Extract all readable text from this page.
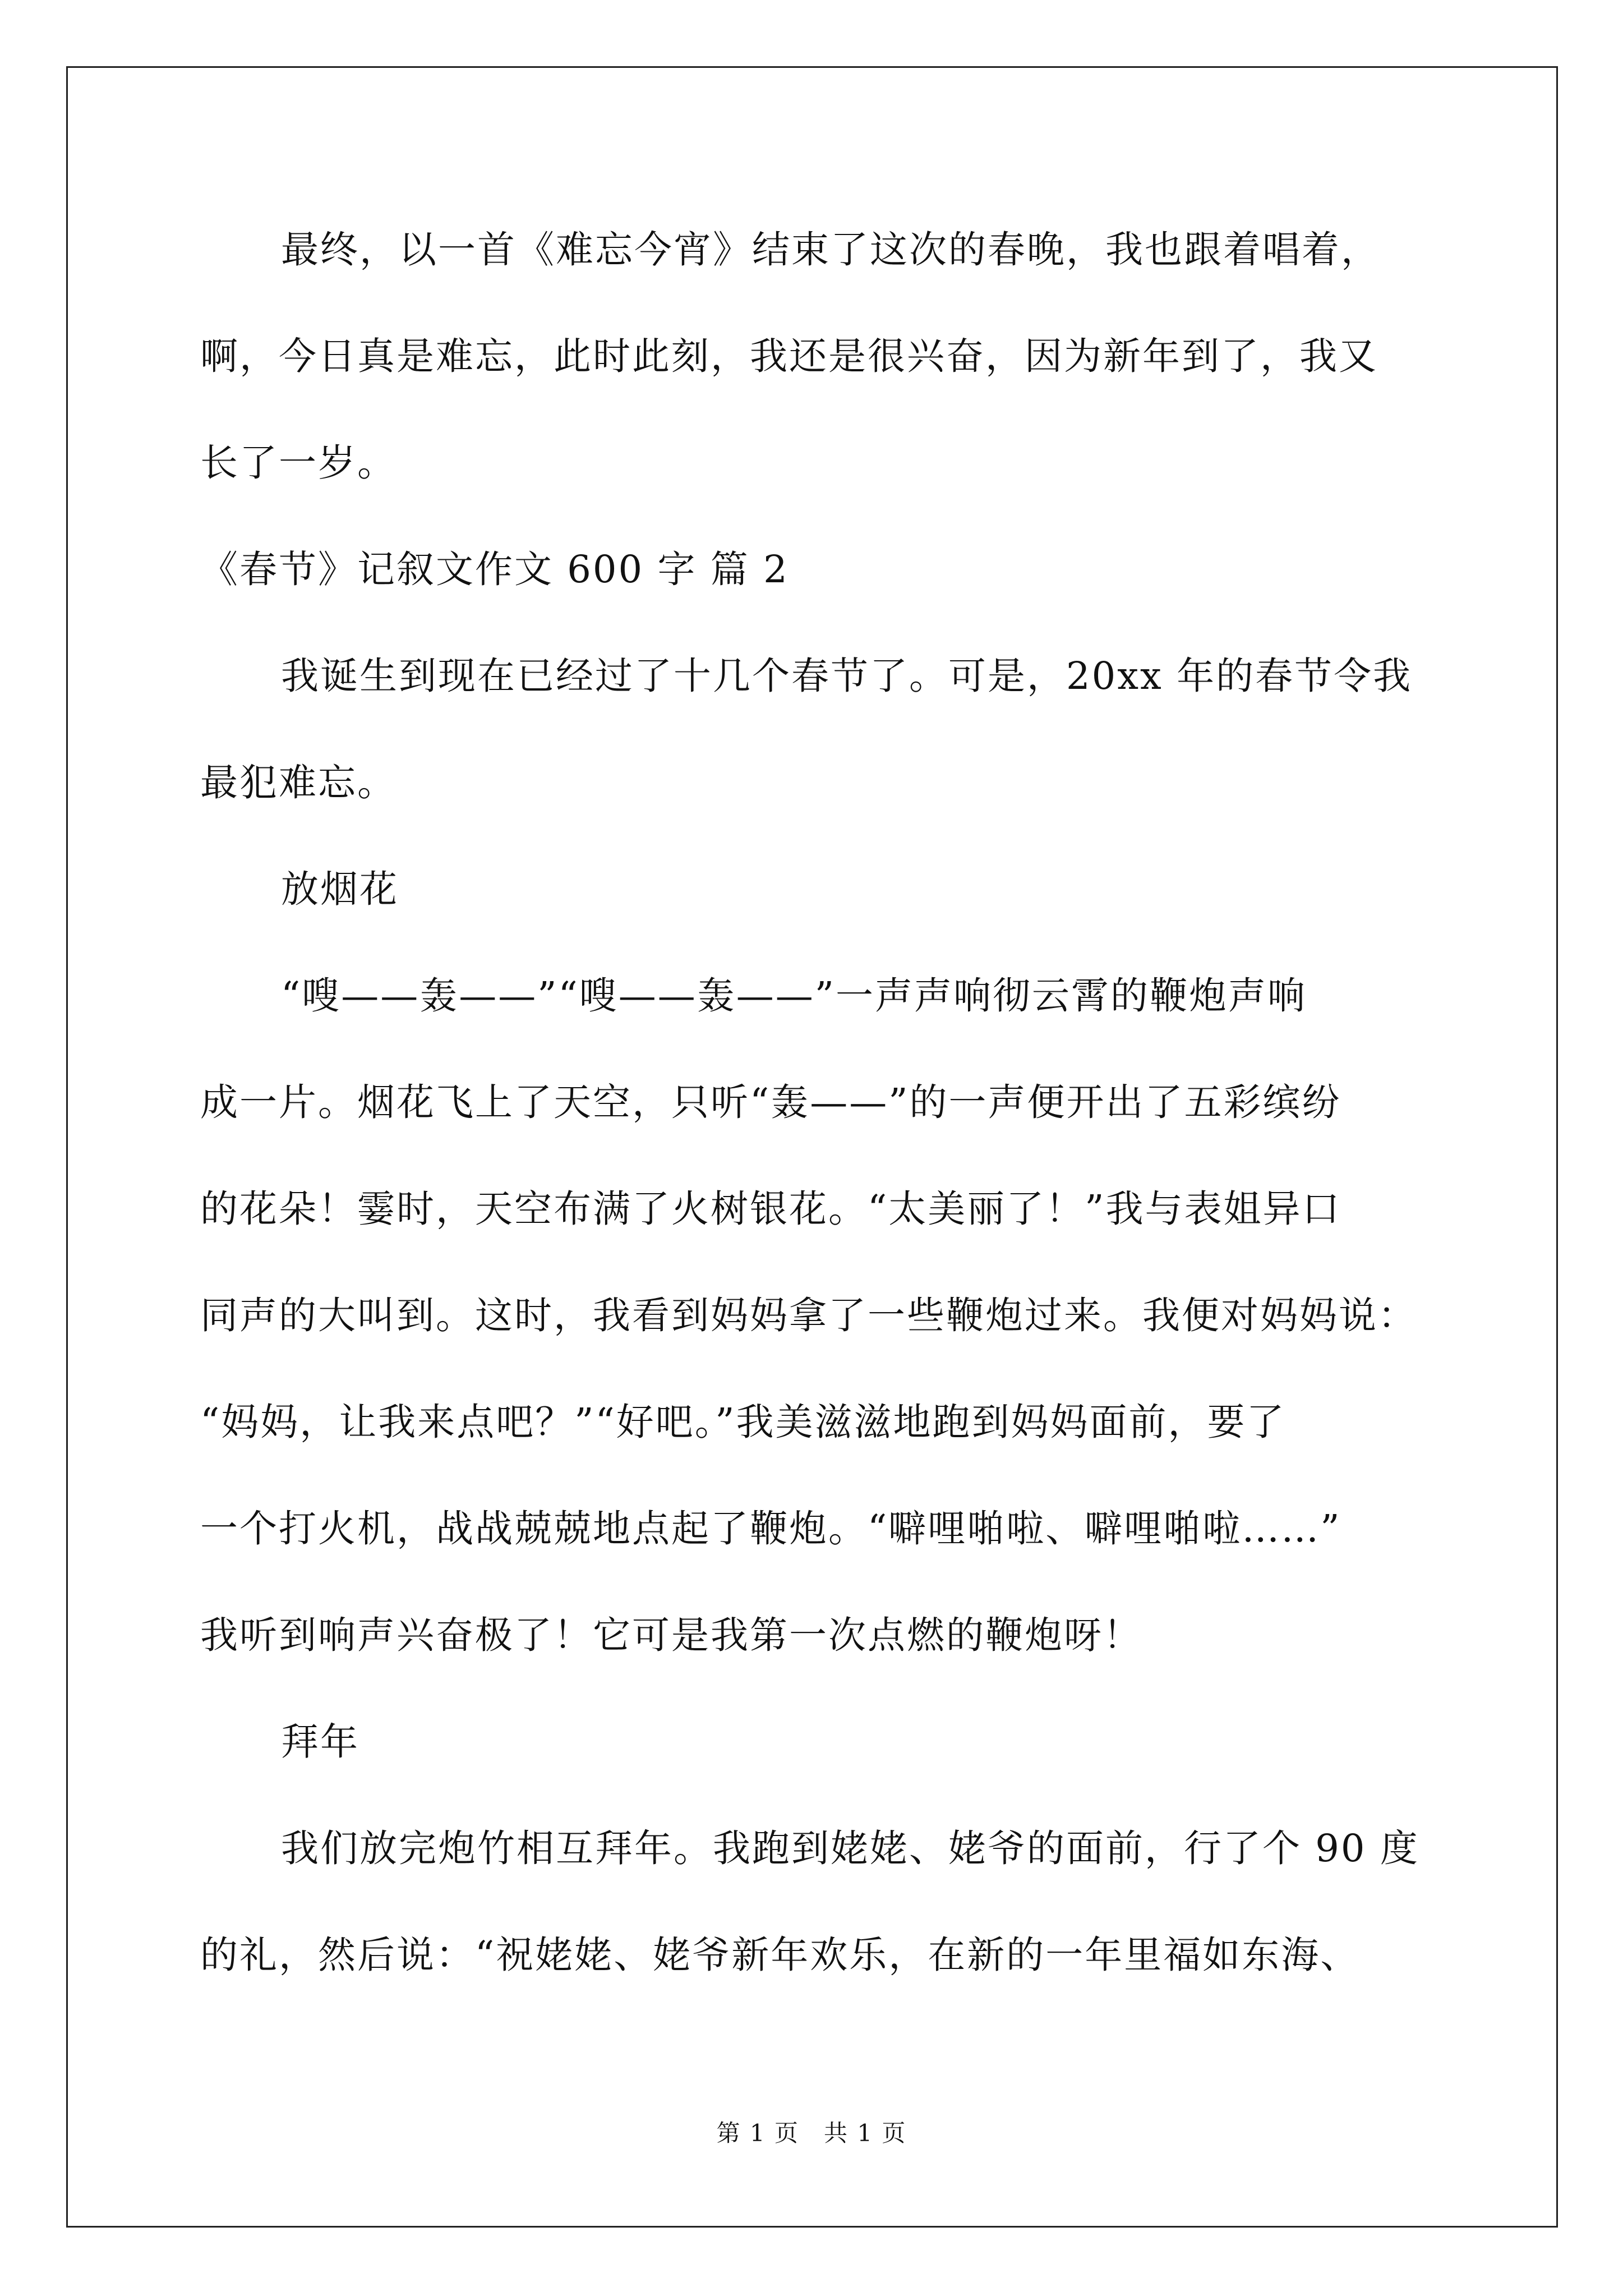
最终，以一首《难忘今宵》结束了这次的春晚，我也跟着唱着，
啊，今日真是难忘，此时此刻，我还是很兴奋，因为新年到了，我又
长了一岁。
《春节》记叙文作文 600 字 篇 2
我诞生到现在已经过了十几个春节了。可是，20xx 年的春节令我
最犯难忘。
放烟花
“嗖——轰——”“嗖——轰——”一声声响彻云霄的鞭炮声响
成一片。烟花飞上了天空，只听“轰——”的一声便开出了五彩缤纷
的花朵！霎时，天空布满了火树银花。“太美丽了！”我与表姐异口
同声的大叫到。这时，我看到妈妈拿了一些鞭炮过来。我便对妈妈说：
“妈妈，让我来点吧？”“好吧。”我美滋滋地跑到妈妈面前，要了
一个打火机，战战兢兢地点起了鞭炮。“噼哩啪啦、噼哩啪啦……”
我听到响声兴奋极了！它可是我第一次点燃的鞭炮呀！
拜年
我们放完炮竹相互拜年。我跑到姥姥、姥爷的面前，行了个 90 度
的礼，然后说：“祝姥姥、姥爷新年欢乐，在新的一年里福如东海、
第 1 页　共 1 页
